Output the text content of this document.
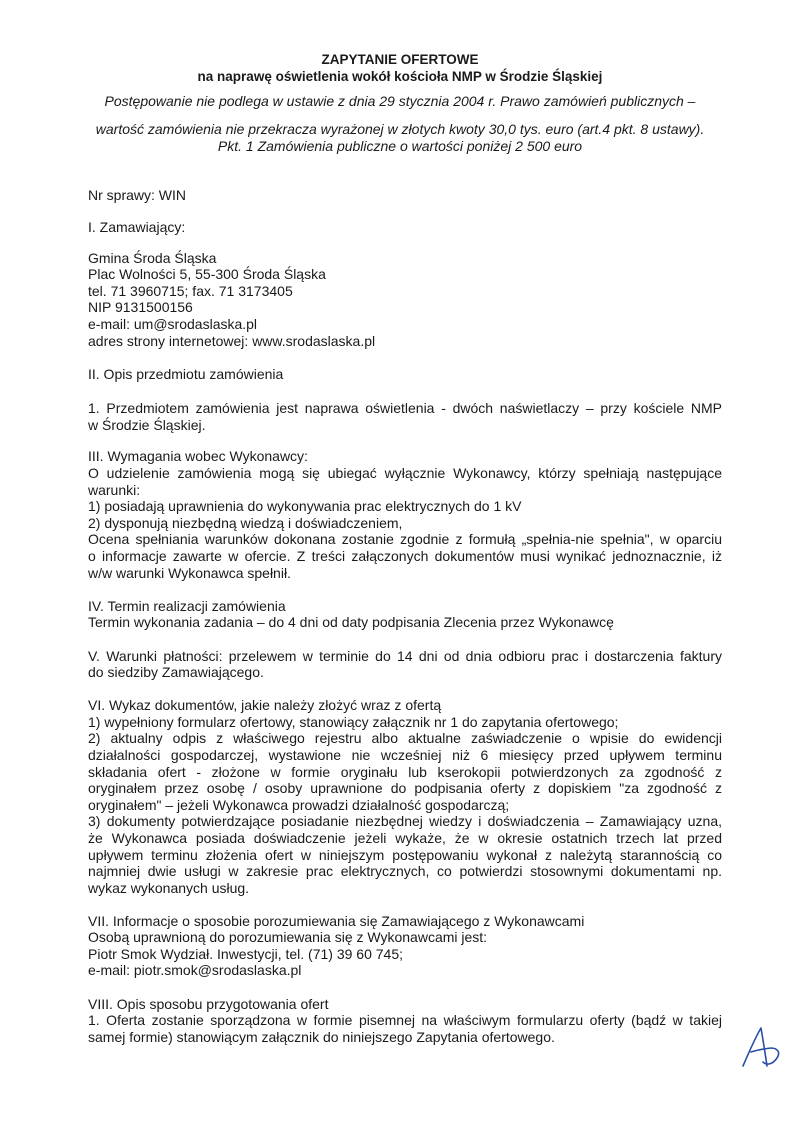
ZAPYTANIE OFERTOWE
na naprawę oświetlenia wokół kościoła NMP w Środzie Śląskiej
Postępowanie nie podlega w ustawie z dnia 29 stycznia 2004 r. Prawo zamówień publicznych –
wartość zamówienia nie przekracza wyrażonej w złotych kwoty 30,0 tys. euro (art.4 pkt. 8 ustawy).
Pkt. 1 Zamówienia publiczne o wartości poniżej 2 500 euro
Nr sprawy: WIN
I. Zamawiający:
Gmina Środa Śląska
Plac Wolności 5, 55-300 Środa Śląska
tel. 71 3960715; fax. 71 3173405
NIP 9131500156
e-mail: um@srodaslaska.pl
adres strony internetowej: www.srodaslaska.pl
II. Opis przedmiotu zamówienia
1. Przedmiotem zamówienia jest naprawa oświetlenia - dwóch naświetlaczy – przy kościele NMP
w Środzie Śląskiej.
III. Wymagania wobec Wykonawcy:
O udzielenie zamówienia mogą się ubiegać wyłącznie Wykonawcy, którzy spełniają następujące
warunki:
1) posiadają uprawnienia do wykonywania prac elektrycznych do 1 kV
2) dysponują niezbędną wiedzą i doświadczeniem,
Ocena spełniania warunków dokonana zostanie zgodnie z formułą „spełnia-nie spełnia", w oparciu
o informacje zawarte w ofercie. Z treści załączonych dokumentów musi wynikać jednoznacznie, iż
w/w warunki Wykonawca spełnił.
IV. Termin realizacji zamówienia
Termin wykonania zadania – do 4 dni od daty podpisania Zlecenia przez Wykonawcę
V. Warunki płatności: przelewem w terminie do 14 dni od dnia odbioru prac i dostarczenia faktury
do siedziby Zamawiającego.
VI. Wykaz dokumentów, jakie należy złożyć wraz z ofertą
1) wypełniony formularz ofertowy, stanowiący załącznik nr 1 do zapytania ofertowego;
2) aktualny odpis z właściwego rejestru albo aktualne zaświadczenie o wpisie do ewidencji
działalności gospodarczej, wystawione nie wcześniej niż 6 miesięcy przed upływem terminu
składania ofert - złożone w formie oryginału lub kserokopii potwierdzonych za zgodność z
oryginałem przez osobę / osoby uprawnione do podpisania oferty z dopiskiem "za zgodność z
oryginałem" – jeżeli Wykonawca prowadzi działalność gospodarczą;
3) dokumenty potwierdzające posiadanie niezbędnej wiedzy i doświadczenia – Zamawiający uzna,
że Wykonawca posiada doświadczenie jeżeli wykaże, że w okresie ostatnich trzech lat przed
upływem terminu złożenia ofert w niniejszym postępowaniu wykonał z należytą starannością co
najmniej dwie usługi w zakresie prac elektrycznych, co potwierdzi stosownymi dokumentami np.
wykaz wykonanych usług.
VII. Informacje o sposobie porozumiewania się Zamawiającego z Wykonawcami
Osobą uprawnioną do porozumiewania się z Wykonawcami jest:
Piotr Smok Wydział. Inwestycji, tel. (71) 39 60 745;
e-mail: piotr.smok@srodaslaska.pl
VIII. Opis sposobu przygotowania ofert
1. Oferta zostanie sporządzona w formie pisemnej na właściwym formularzu oferty (bądź w takiej
samej formie) stanowiącym załącznik do niniejszego Zapytania ofertowego.
